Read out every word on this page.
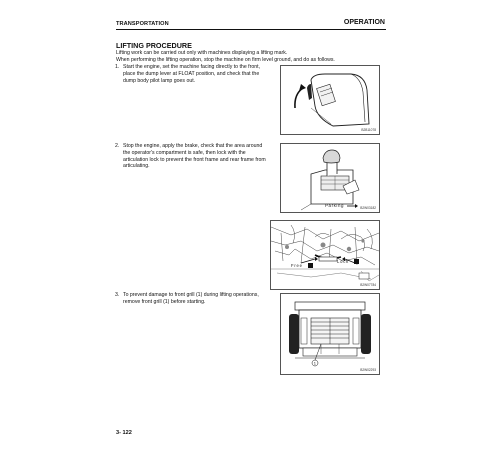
TRANSPORTATION	OPERATION
LIFTING PROCEDURE
Lifting work can be carried out only with machines displaying a lifting mark.
When performing the lifting operation, stop the machine on firm level ground, and do as follows.
1. Start the engine, set the machine facing directly to the front,
place the dump lever at FLOAT position, and check that the
dump body pilot lamp goes out.
B2B11078
2. Stop the engine, apply the brake, check that the area around
the operator's compartment is safe, then lock with the
articulation lock to prevent the front frame and rear frame from
articulating.
Parking	B2W03182
Free
Lock
B2W07784
3. To prevent damage to front grill (1) during lifting operations,
remove front grill (1) before starting.
1
B2W02293
3- 122
